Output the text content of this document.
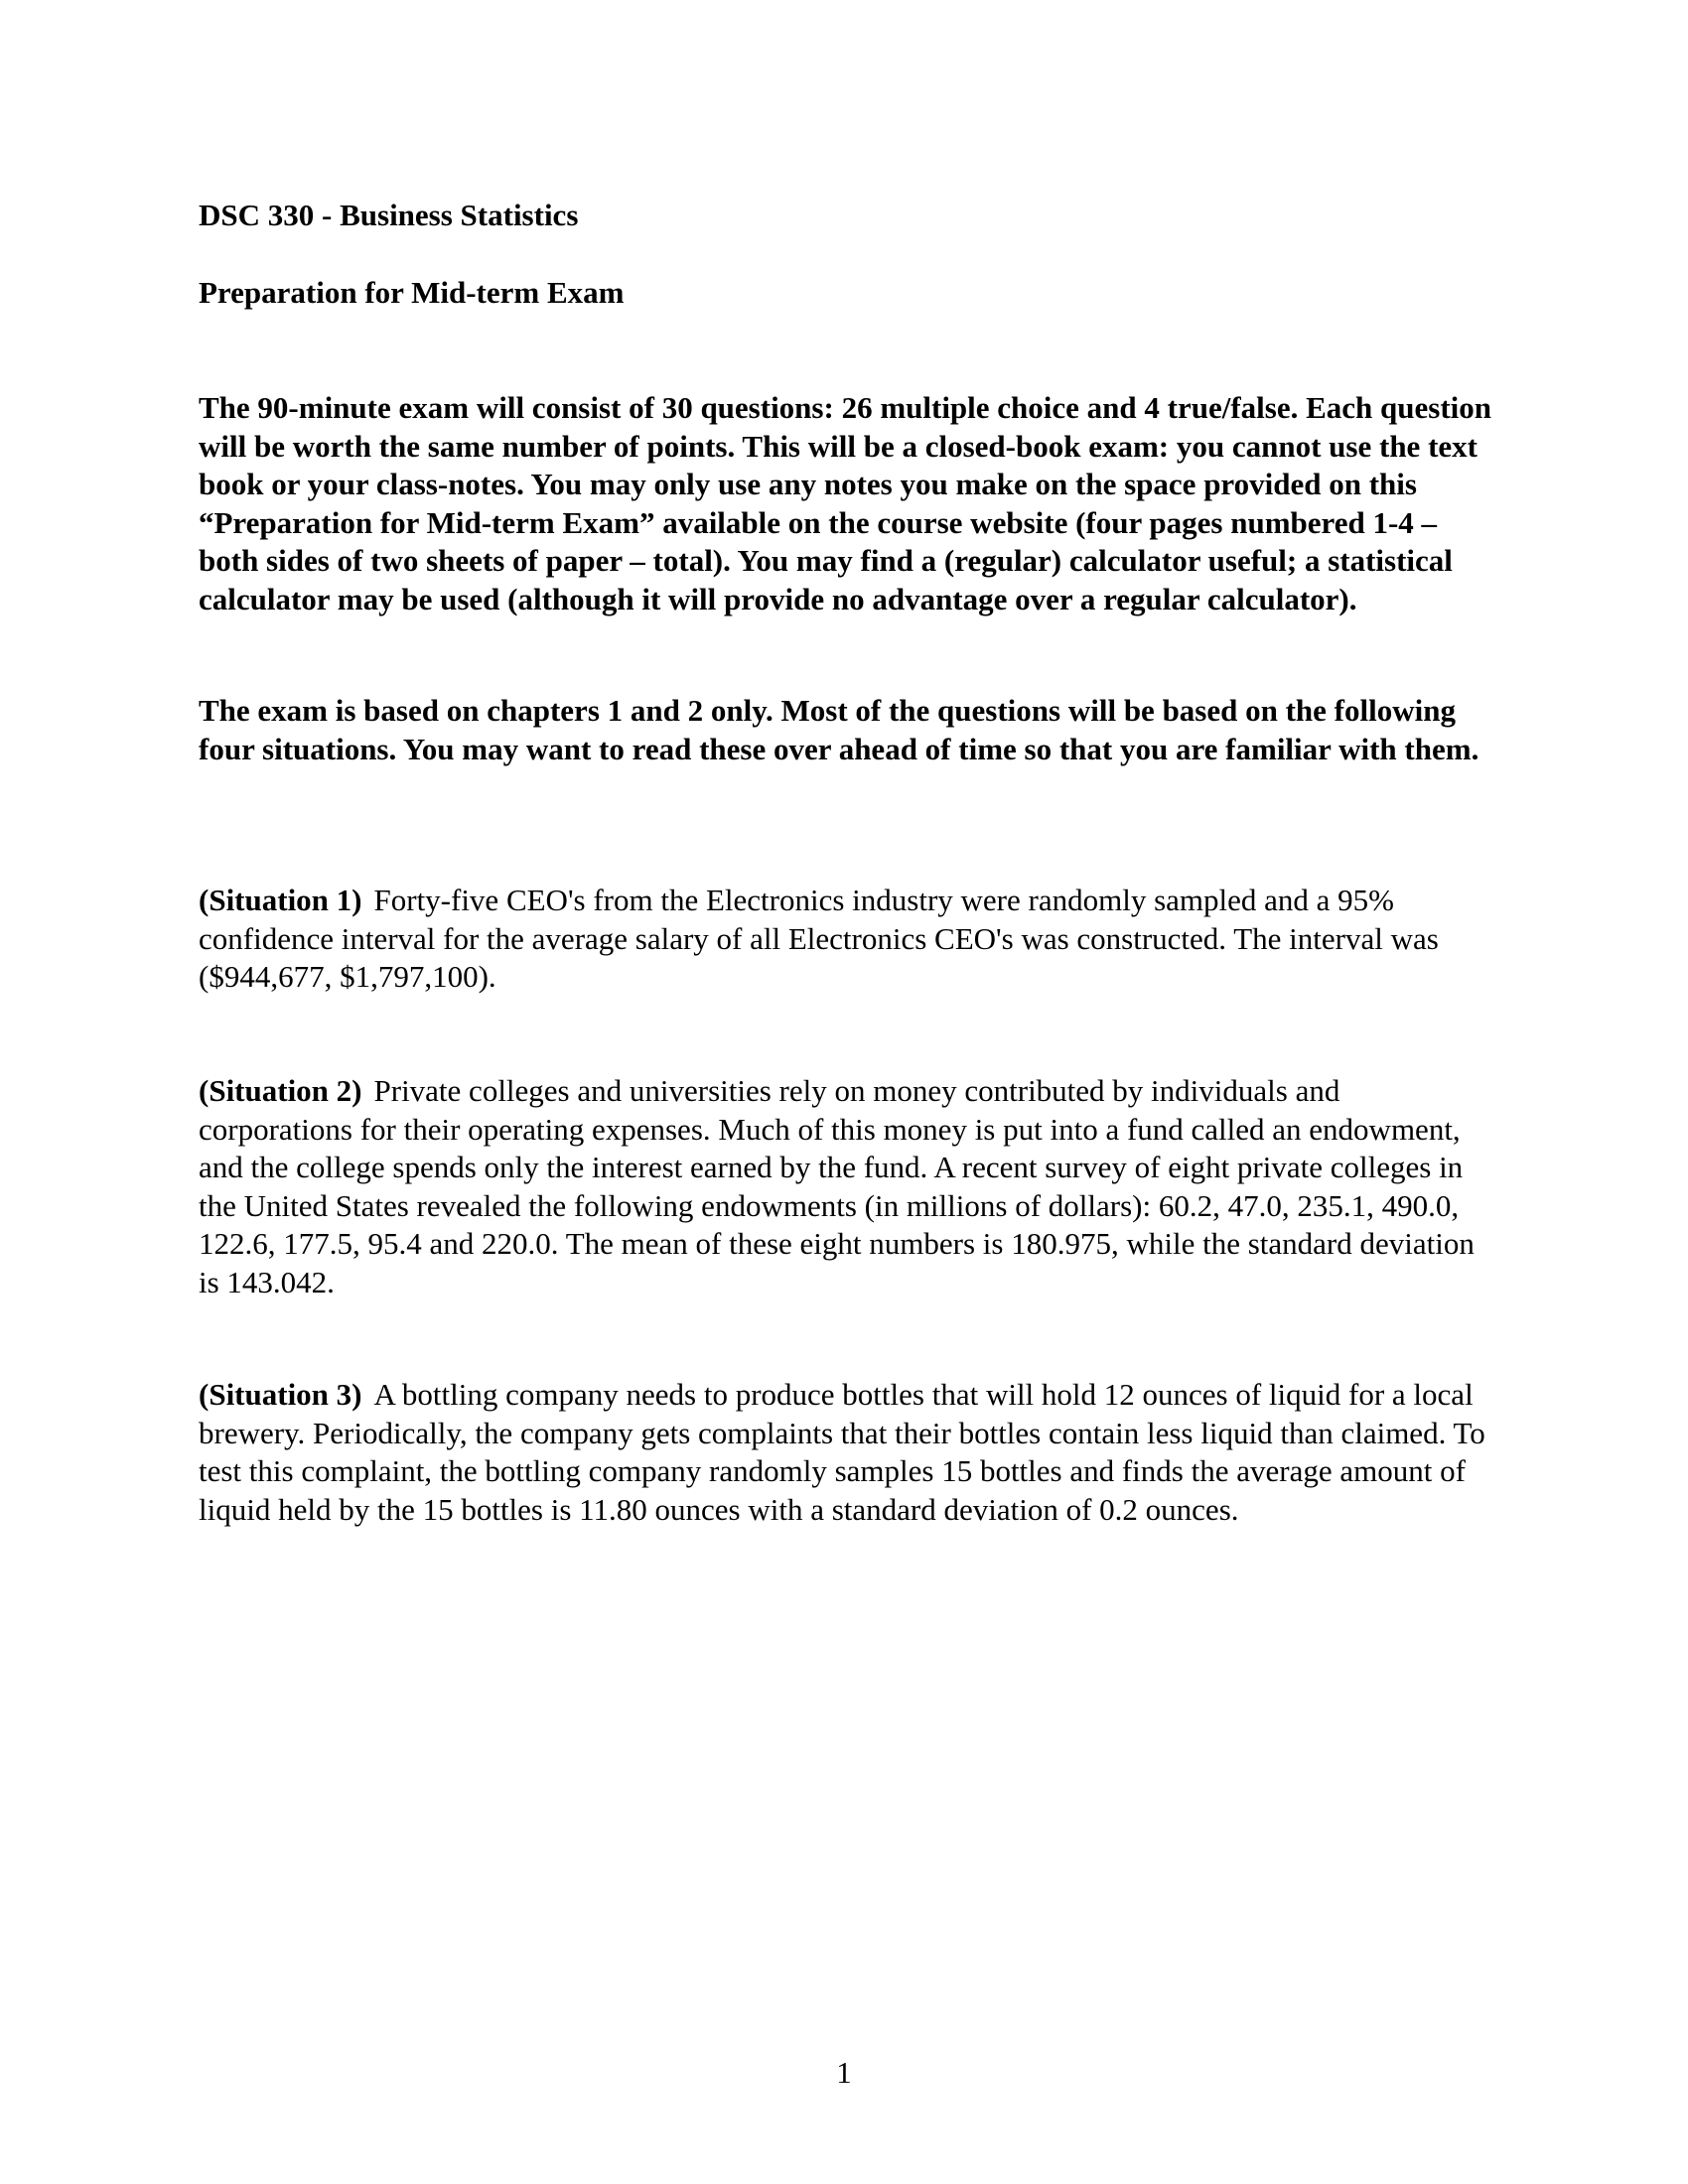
DSC 330 - Business Statistics

Preparation for Mid-term Exam

The 90-minute exam will consist of 30 questions: 26 multiple choice and 4 true/false. Each question will be worth the same number of points. This will be a closed-book exam: you cannot use the text book or your class-notes. You may only use any notes you make on the space provided on this “Preparation for Mid-term Exam” available on the course website (four pages numbered 1-4 – both sides of two sheets of paper – total). You may find a (regular) calculator useful; a statistical calculator may be used (although it will provide no advantage over a regular calculator).

The exam is based on chapters 1 and 2 only. Most of the questions will be based on the following four situations. You may want to read these over ahead of time so that you are familiar with them.

(Situation 1) Forty-five CEO's from the Electronics industry were randomly sampled and a 95% confidence interval for the average salary of all Electronics CEO's was constructed. The interval was ($944,677, $1,797,100).

(Situation 2) Private colleges and universities rely on money contributed by individuals and corporations for their operating expenses. Much of this money is put into a fund called an endowment, and the college spends only the interest earned by the fund. A recent survey of eight private colleges in the United States revealed the following endowments (in millions of dollars): 60.2, 47.0, 235.1, 490.0, 122.6, 177.5, 95.4 and 220.0. The mean of these eight numbers is 180.975, while the standard deviation is 143.042.

(Situation 3) A bottling company needs to produce bottles that will hold 12 ounces of liquid for a local brewery. Periodically, the company gets complaints that their bottles contain less liquid than claimed. To test this complaint, the bottling company randomly samples 15 bottles and finds the average amount of liquid held by the 15 bottles is 11.80 ounces with a standard deviation of 0.2 ounces.

1
